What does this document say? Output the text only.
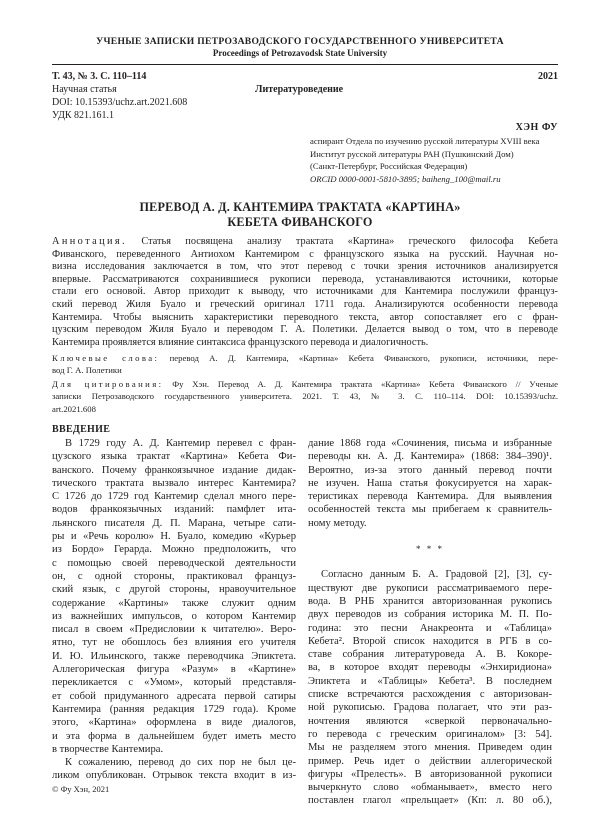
УЧЕНЫЕ ЗАПИСКИ ПЕТРОЗАВОДСКОГО ГОСУДАРСТВЕННОГО УНИВЕРСИТЕТА
Proceedings of Petrozavodsk State University
Т. 43, № 3. С. 110–114	2021
Научная статья	Литературоведение
DOI: 10.15393/uchz.art.2021.608
УДК 821.161.1
ХЭН ФУ
аспирант Отдела по изучению русской литературы XVIII века
Институт русской литературы РАН (Пушкинский Дом)
(Санкт-Петербург, Российская Федерация)
ORCID 0000-0001-5810-3895; baiheng_100@mail.ru
ПЕРЕВОД А. Д. КАНТЕМИРА ТРАКТАТА «КАРТИНА»
КЕБЕТА ФИВАНСКОГО
Аннотация. Статья посвящена анализу трактата «Картина» греческого философа Кебета
Фиванского, переведенного Антиохом Кантемиром с французского языка на русский. Научная но-
визна исследования заключается в том, что этот перевод с точки зрения источников анализируется
впервые. Рассматриваются сохранившиеся рукописи перевода, устанавливаются источники, которые
стали его основой. Автор приходит к выводу, что источниками для Кантемира послужили француз-
ский перевод Жиля Буало и греческий оригинал 1711 года. Анализируются особенности перевода
Кантемира. Чтобы выяснить характеристики переводного текста, автор сопоставляет его с фран-
цузским переводом Жиля Буало и переводом Г. А. Полетики. Делается вывод о том, что в переводе
Кантемира проявляется влияние синтаксиса французского перевода и диалогичность.
Ключевые слова: перевод А. Д. Кантемира, «Картина» Кебета Фиванского, рукописи, источники, пере-
вод Г. А. Полетики
Для цитирования: Фу Хэн. Перевод А. Д. Кантемира трактата «Картина» Кебета Фиванского // Ученые
записки Петрозаводского государственного университета. 2021. Т. 43, № 3. С. 110–114. DOI: 10.15393/uchz.
art.2021.608
ВВЕДЕНИЕ
В 1729 году А. Д. Кантемир перевел с фран-
цузского языка трактат «Картина» Кебета Фи-
ванского. Почему франкоязычное издание дидак-
тического трактата вызвало интерес Кантемира?
С 1726 до 1729 год Кантемир сделал много пере-
водов франкоязычных изданий: памфлет ита-
льянского писателя Д. П. Марана, четыре сати-
ры и «Речь королю» Н. Буало, комедию «Курьер
из Бордо» Герарда. Можно предположить, что
с помощью своей переводческой деятельности
он, с одной стороны, практиковал француз-
ский язык, с другой стороны, нравоучительное
содержание «Картины» также служит одним
из важнейших импульсов, о котором Кантемир
писал в своем «Предисловии к читателю». Веро-
ятно, тут не обошлось без влияния его учителя
И. Ю. Ильинского, также переводчика Эпиктета.
Аллегорическая фигура «Разум» в «Картине»
перекликается с «Умом», который представля-
ет собой придуманного адресата первой сатиры
Кантемира (ранняя редакция 1729 года). Кроме
этого, «Картина» оформлена в виде диалогов,
и эта форма в дальнейшем будет иметь место
в творчестве Кантемира.
К сожалению, перевод до сих пор не был це-
ликом опубликован. Отрывок текста входит в из-
дание 1868 года «Сочинения, письма и избранные
переводы кн. А. Д. Кантемира» (1868: 384–390)¹.
Вероятно, из-за этого данный перевод почти
не изучен. Наша статья фокусируется на харак-
теристиках перевода Кантемира. Для выявления
особенностей текста мы прибегаем к сравнитель-
ному методу.
* * *
Согласно данным Б. А. Градовой [2], [3], су-
ществуют две рукописи рассматриваемого пере-
вода. В РНБ хранится авторизованная рукопись
двух переводов из собрания историка М. П. По-
година: это песни Анакреонта и «Таблица»
Кебета². Второй список находится в РГБ в со-
ставе собрания литературоведа А. В. Кокоре-
ва, в которое входят переводы «Энхиридиона»
Эпиктета и «Таблицы» Кебета³. В последнем
списке встречаются расхождения с авторизован-
ной рукописью. Градова полагает, что эти раз-
ночтения являются «сверкой первоначально-
го перевода с греческим оригиналом» [3: 54].
Мы не разделяем этого мнения. Приведем один
пример. Речь идет о действии аллегорической
фигуры «Прелесть». В авторизованной рукописи
вычеркнуто слово «обманывает», вместо него
поставлен глагол «прельщает» (Кп: л. 80 об.),
© Фу Хэн, 2021
